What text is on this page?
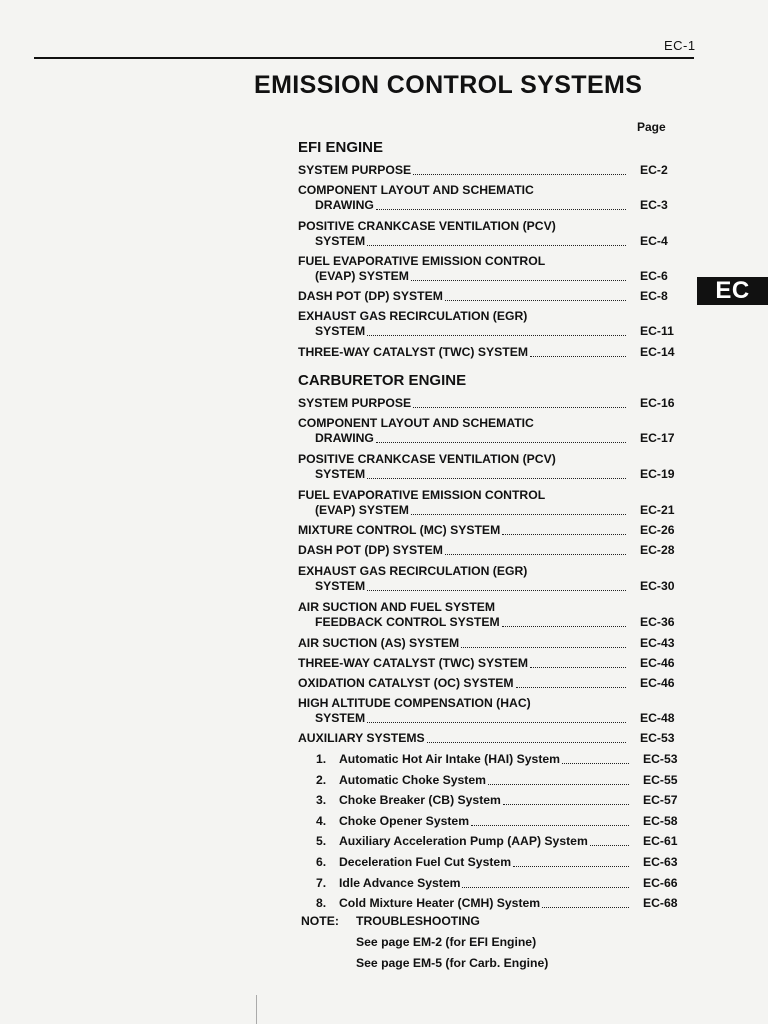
EC-1
EMISSION CONTROL SYSTEMS
Page
EC
EFI ENGINE
SYSTEM PURPOSE	EC-2
COMPONENT LAYOUT AND SCHEMATIC
DRAWING	EC-3
POSITIVE CRANKCASE VENTILATION (PCV)
SYSTEM	EC-4
FUEL EVAPORATIVE EMISSION CONTROL
(EVAP) SYSTEM	EC-6
DASH POT (DP) SYSTEM	EC-8
EXHAUST GAS RECIRCULATION (EGR)
SYSTEM	EC-11
THREE-WAY CATALYST (TWC) SYSTEM	EC-14
CARBURETOR ENGINE
SYSTEM PURPOSE	EC-16
COMPONENT LAYOUT AND SCHEMATIC
DRAWING	EC-17
POSITIVE CRANKCASE VENTILATION (PCV)
SYSTEM	EC-19
FUEL EVAPORATIVE EMISSION CONTROL
(EVAP) SYSTEM	EC-21
MIXTURE CONTROL (MC) SYSTEM	EC-26
DASH POT (DP) SYSTEM	EC-28
EXHAUST GAS RECIRCULATION (EGR)
SYSTEM	EC-30
AIR SUCTION AND FUEL SYSTEM
FEEDBACK CONTROL SYSTEM	EC-36
AIR SUCTION (AS) SYSTEM	EC-43
THREE-WAY CATALYST (TWC) SYSTEM	EC-46
OXIDATION CATALYST (OC) SYSTEM	EC-46
HIGH ALTITUDE COMPENSATION (HAC)
SYSTEM	EC-48
AUXILIARY SYSTEMS	EC-53
1. Automatic Hot Air Intake (HAI) System	EC-53
2. Automatic Choke System	EC-55
3. Choke Breaker (CB) System	EC-57
4. Choke Opener System	EC-58
5. Auxiliary Acceleration Pump (AAP) System	EC-61
6. Deceleration Fuel Cut System	EC-63
7. Idle Advance System	EC-66
8. Cold Mixture Heater (CMH) System	EC-68
NOTE: TROUBLESHOOTING
See page EM-2 (for EFI Engine)
See page EM-5 (for Carb. Engine)
